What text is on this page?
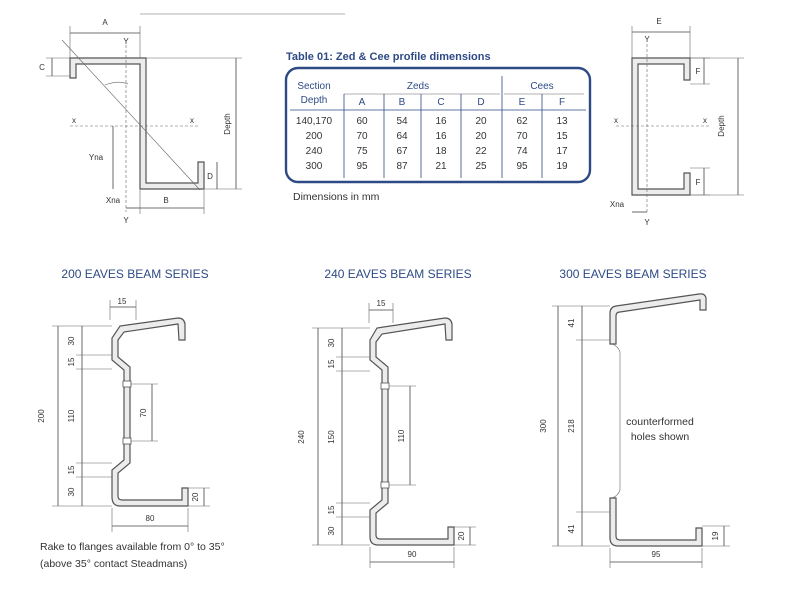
A
Y
C
x	x	Depth
Yna
D
Xna	B
Y
Table 01: Zed & Cee profile dimensions
Section
Depth
Zeds	Cees
A	B	C	D	E	F
140,170 60	54	16	20	62	13
200	70	64	16	20	70	15
240	75	67	18	22	74	17
300	95	87	21	25	95	19
Dimensions in mm
E
Y
x	x
F
F
Depth
Xna
Y
200 EAVES BEAM SERIES
15
200
30
15
110
15
30
70
20
80
Rake to flanges available from 0° to 35°
(above 35° contact Steadmans)
240 EAVES BEAM SERIES
15
240
30
15
150
15
30
110
20
90
300 EAVES BEAM SERIES
counterformed
holes shown
300
41
218
41
19
95
